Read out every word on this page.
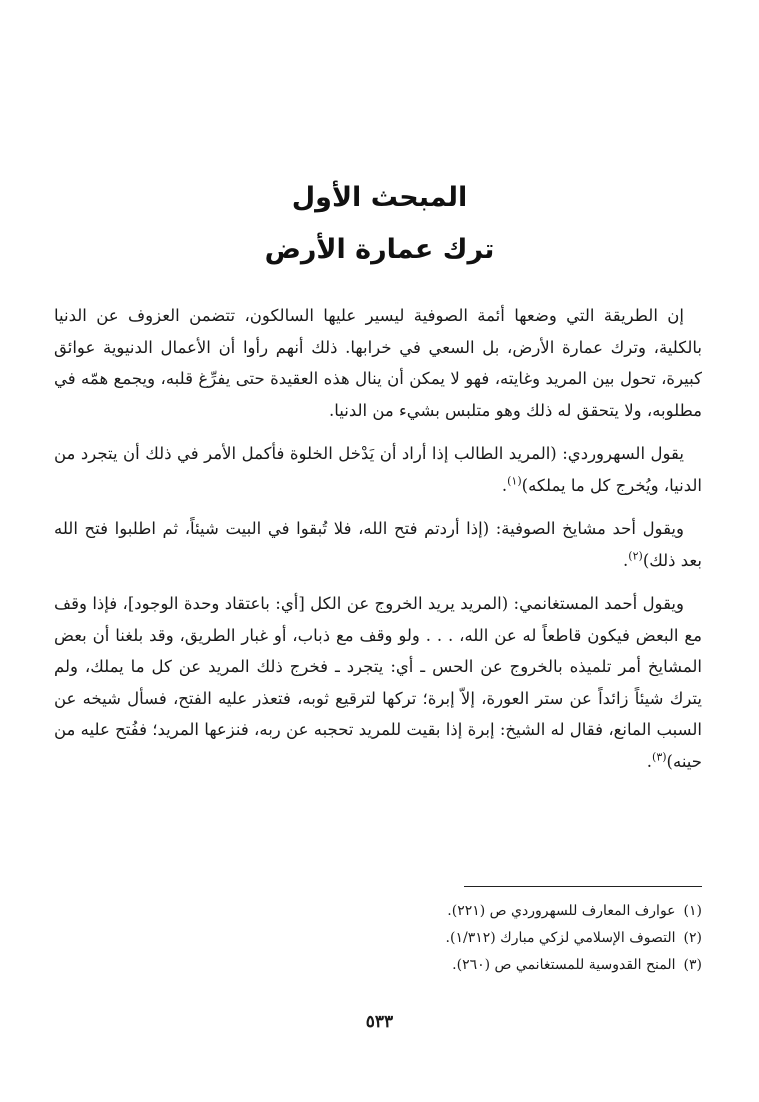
المبحث الأول
ترك عمارة الأرض

إن الطريقة التي وضعها أئمة الصوفية ليسير عليها السالكون، تتضمن العزوف عن الدنيا بالكلية، وترك عمارة الأرض، بل السعي في خرابها. ذلك أنهم رأوا أن الأعمال الدنيوية عوائق كبيرة، تحول بين المريد وغايته، فهو لا يمكن أن ينال هذه العقيدة حتى يفرِّغ قلبه، ويجمع همّه في مطلوبه، ولا يتحقق له ذلك وهو متلبس بشيء من الدنيا.

يقول السهروردي: (المريد الطالب إذا أراد أن يَدْخل الخلوة فأكمل الأمر في ذلك أن يتجرد من الدنيا، ويُخرج كل ما يملكه)$^{(١)}$.

ويقول أحد مشايخ الصوفية: (إذا أردتم فتح الله، فلا تُبقوا في البيت شيئاً، ثم اطلبوا فتح الله بعد ذلك)$^{(٢)}$.

ويقول أحمد المستغانمي: (المريد يريد الخروج عن الكل [أي: باعتقاد وحدة الوجود]، فإذا وقف مع البعض فيكون قاطعاً له عن الله، . . . ولو وقف مع ذباب، أو غبار الطريق، وقد بلغنا أن بعض المشايخ أمر تلميذه بالخروج عن الحس ـ أي: يتجرد ـ فخرج ذلك المريد عن كل ما يملك، ولم يترك شيئاً زائداً عن ستر العورة، إلاّ إبرة؛ تركها لترقيع ثوبه، فتعذر عليه الفتح، فسأل شيخه عن السبب المانع، فقال له الشيخ: إبرة إذا بقيت للمريد تحجبه عن ربه، فنزعها المريد؛ ففُتح عليه من حينه)$^{(٣)}$.

(١)
عوارف المعارف للسهروردي ص (٢٢١).
(٢)
التصوف الإسلامي لزكي مبارك (١/٣١٢).
(٣)
المنح القدوسية للمستغانمي ص (٢٦٠).
٥٣٣
